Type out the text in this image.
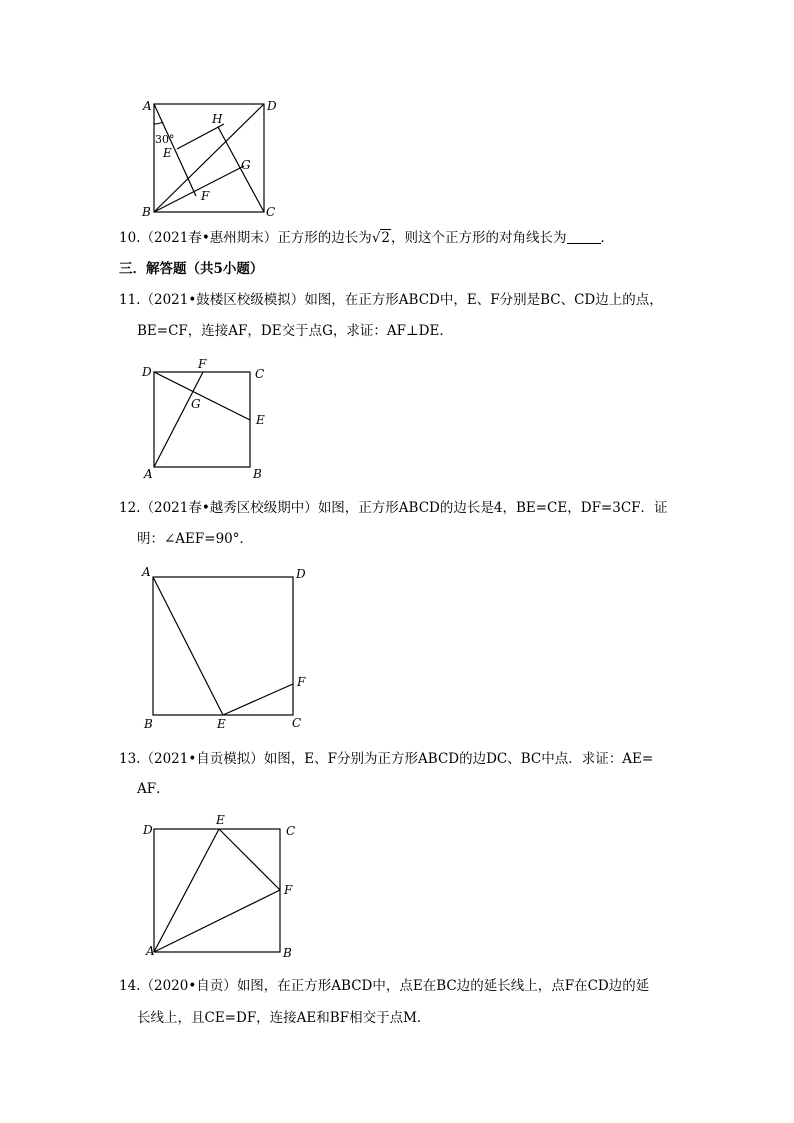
A	D
B	C
H
E
G
F
30°
10.（2021春•惠州期末）正方形的边长为√2，则这个正方形的对角线长为	．
三．解答题（共5小题）
11.（2021•鼓楼区校级模拟）如图，在正方形ABCD中，E、F分别是BC、CD边上的点，
BE=CF，连接AF，DE交于点G，求证：AF⊥DE．
D
F
C
G
E
A	B
12.（2021春•越秀区校级期中）如图，正方形ABCD的边长是4，BE=CE，DF=3CF．证
明：∠AEF=90°．
A	D
F
B	E	C
13.（2021•自贡模拟）如图，E、F分别为正方形ABCD的边DC、BC中点．求证：AE=
AF．
D
E
C
F
A	B
14.（2020•自贡）如图，在正方形ABCD中，点E在BC边的延长线上，点F在CD边的延
长线上，且CE=DF，连接AE和BF相交于点M．
